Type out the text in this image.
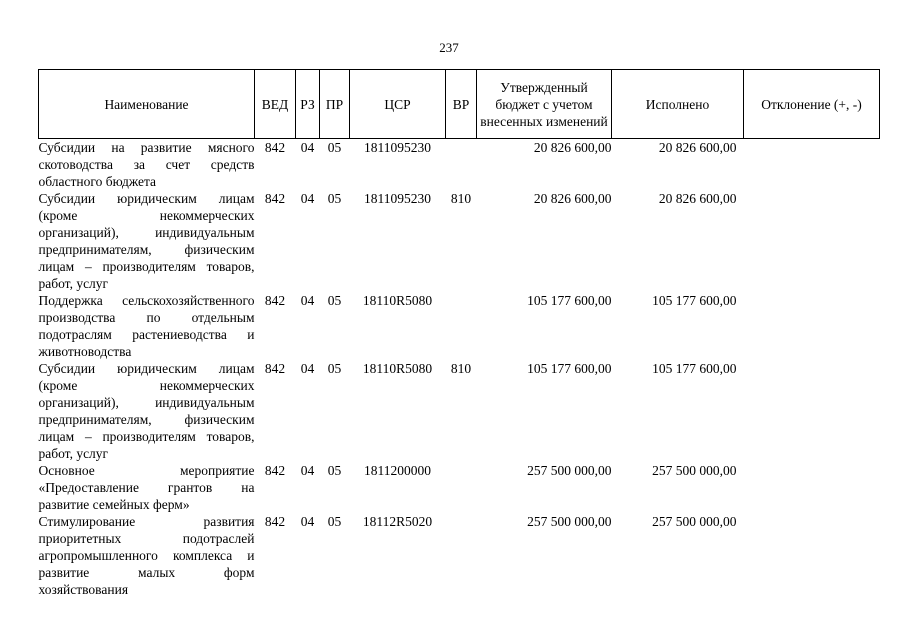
237
Наименование	ВЕД	РЗ	ПР	ЦСР	ВР	Утвержденный бюджет с учетом внесенных изменений	Исполнено	Отклонение (+, -)
Субсидии на развитие мясного скотоводства за счет средств областного бюджета	842	04	05	1811095230		20 826 600,00	20 826 600,00	
Субсидии юридическим лицам (кроме некоммерческих организаций), индивидуальным предпринимателям, физическим лицам – производителям товаров, работ, услуг	842	04	05	1811095230	810	20 826 600,00	20 826 600,00	
Поддержка сельскохозяйственного производства по отдельным подотраслям растениеводства и животноводства	842	04	05	18110R5080		105 177 600,00	105 177 600,00	
Субсидии юридическим лицам (кроме некоммерческих организаций), индивидуальным предпринимателям, физическим лицам – производителям товаров, работ, услуг	842	04	05	18110R5080	810	105 177 600,00	105 177 600,00	
Основное мероприятие «Предоставление грантов на развитие семейных ферм»	842	04	05	1811200000		257 500 000,00	257 500 000,00	
Стимулирование развития приоритетных подотраслей агропромышленного комплекса и развитие малых форм хозяйствования	842	04	05	18112R5020		257 500 000,00	257 500 000,00	
